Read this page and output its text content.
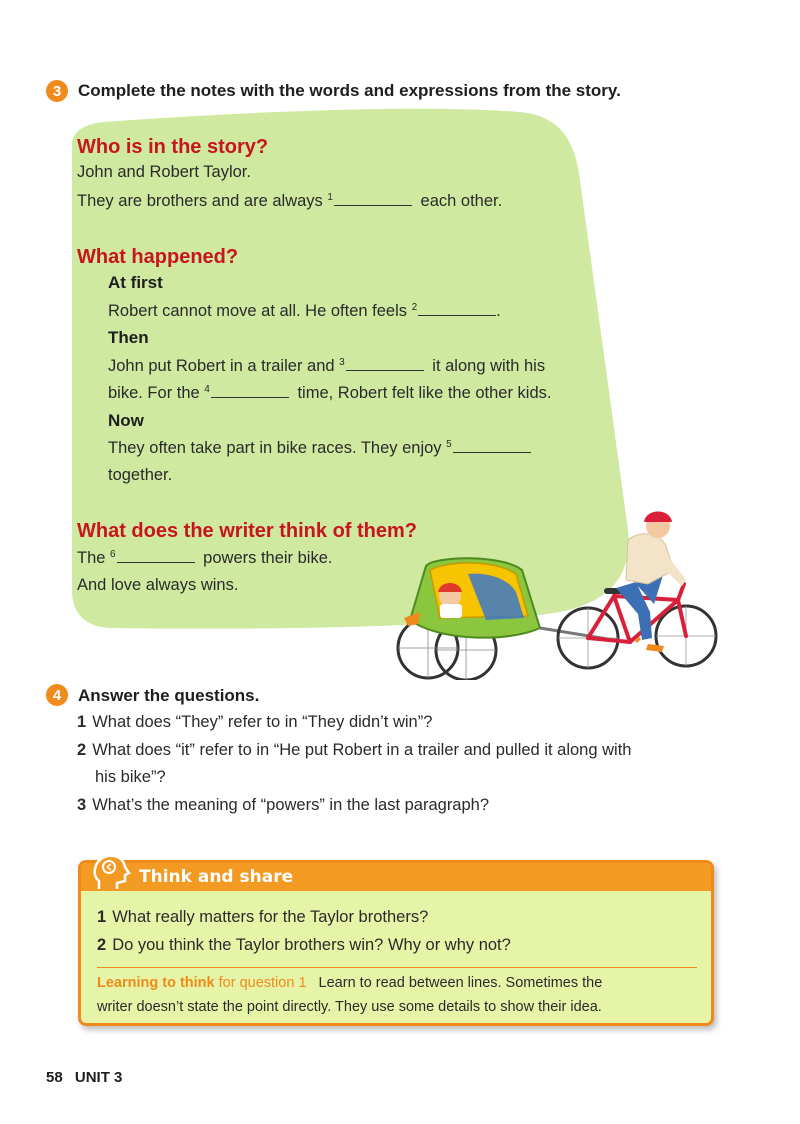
3 Complete the notes with the words and expressions from the story.
Who is in the story?
John and Robert Taylor.
They are brothers and are always $^1$	each other.
What happened?
At first
Robert cannot move at all. He often feels $^2$	.
Then
John put Robert in a trailer and $^3$	it along with his
bike. For the $^4$	time, Robert felt like the other kids.
Now
They often take part in bike races. They enjoy $^5$
together.
What does the writer think of them?
The $^6$	powers their bike.
And love always wins.
4 Answer the questions.
1 What does “They” refer to in “They didn’t win”?
2 What does “it” refer to in “He put Robert in a trailer and pulled it along with
his bike”?
3 What’s the meaning of “powers” in the last paragraph?
Think and share
1 What really matters for the Taylor brothers?
2 Do you think the Taylor brothers win? Why or why not?
Learning to think for question 1 Learn to read between lines. Sometimes the
writer doesn’t state the point directly. They use some details to show their idea.
58 UNIT 3
